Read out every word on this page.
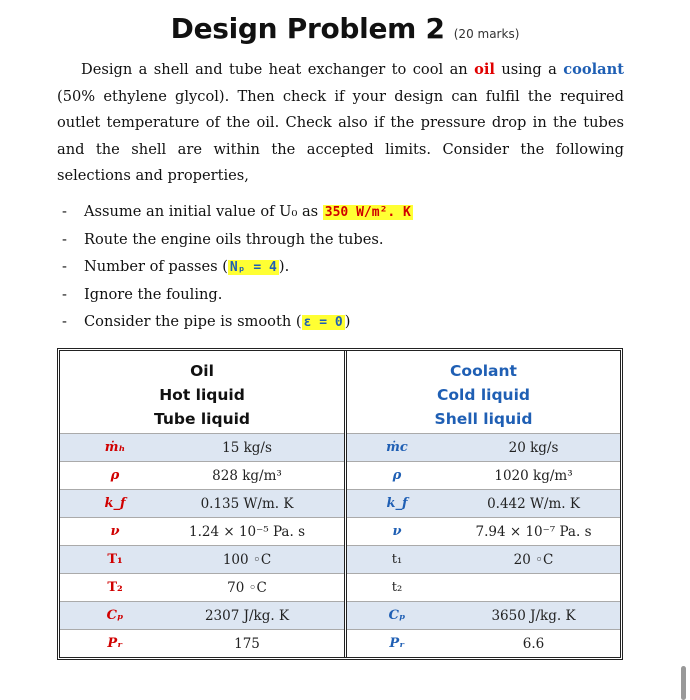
Design Problem 2 (20 marks)

Design a shell and tube heat exchanger to cool an oil using a coolant (50% ethylene glycol). Then check if your design can fulfil the required outlet temperature of the oil. Check also if the pressure drop in the tubes and the shell are within the accepted limits. Consider the following selections and properties,

- Assume an initial value of U₀ as 350 W/m². K
- Route the engine oils through the tubes.
- Number of passes ( Nₚ = 4 ).
- Ignore the fouling.
- Consider the pipe is smooth ( ε = 0 )
Oil
Hot liquid
Tube liquid
ṁₕ	15 kg/s
ρ	828 kg/m³
k_f	0.135 W/m. K
ν	1.24 × 10⁻⁵ Pa. s
T₁	100 ◦C
T₂	70 ◦C
Cₚ	2307 J/kg. K
Pᵣ	175
Coolant
Cold liquid
Shell liquid
ṁc	20 kg/s
ρ	1020 kg/m³
k_f	0.442 W/m. K
ν	7.94 × 10⁻⁷ Pa. s
t₁	20 ◦C
t₂
Cₚ	3650 J/kg. K
Pᵣ	6.6
